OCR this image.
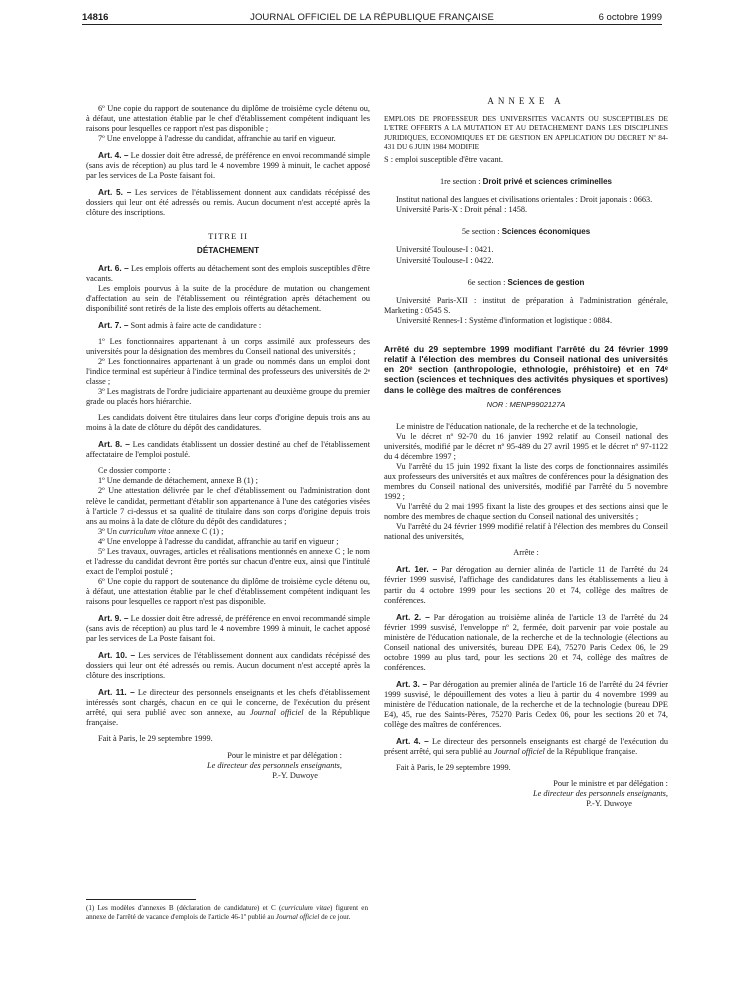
14816	JOURNAL OFFICIEL DE LA RÉPUBLIQUE FRANÇAISE	6 octobre 1999

6º Une copie du rapport de soutenance du diplôme de troisième cycle détenu ou, à défaut, une attestation établie par le chef d'établissement compétent indiquant les raisons pour lesquelles ce rapport n'est pas disponible ;

7º Une enveloppe à l'adresse du candidat, affranchie au tarif en vigueur.

Art. 4. – Le dossier doit être adressé, de préférence en envoi recommandé simple (sans avis de réception) au plus tard le 4 novembre 1999 à minuit, le cachet apposé par les services de La Poste faisant foi.

Art. 5. – Les services de l'établissement donnent aux candidats récépissé des dossiers qui leur ont été adressés ou remis. Aucun document n'est accepté après la clôture des inscriptions.

TITRE II
DÉTACHEMENT

Art. 6. – Les emplois offerts au détachement sont des emplois susceptibles d'être vacants.

Les emplois pourvus à la suite de la procédure de mutation ou changement d'affectation au sein de l'établissement ou réintégration après détachement ou disponibilité sont retirés de la liste des emplois offerts au détachement.

Art. 7. – Sont admis à faire acte de candidature :

1º Les fonctionnaires appartenant à un corps assimilé aux professeurs des universités pour la désignation des membres du Conseil national des universités ;

2º Les fonctionnaires appartenant à un grade ou nommés dans un emploi dont l'indice terminal est supérieur à l'indice terminal des professeurs des universités de 2ᵉ classe ;

3º Les magistrats de l'ordre judiciaire appartenant au deuxième groupe du premier grade ou placés hors hiérarchie.

Les candidats doivent être titulaires dans leur corps d'origine depuis trois ans au moins à la date de clôture du dépôt des candidatures.

Art. 8. – Les candidats établissent un dossier destiné au chef de l'établissement affectataire de l'emploi postulé.

Ce dossier comporte :

1º Une demande de détachement, annexe B (1) ;

2º Une attestation délivrée par le chef d'établissement ou l'administration dont relève le candidat, permettant d'établir son appartenance à l'une des catégories visées à l'article 7 ci-dessus et sa qualité de titulaire dans son corps d'origine depuis trois ans au moins à la date de clôture du dépôt des candidatures ;

3º Un curriculum vitae annexe C (1) ;

4º Une enveloppe à l'adresse du candidat, affranchie au tarif en vigueur ;

5º Les travaux, ouvrages, articles et réalisations mentionnés en annexe C ; le nom et l'adresse du candidat devront être portés sur chacun d'entre eux, ainsi que l'intitulé exact de l'emploi postulé ;

6º Une copie du rapport de soutenance du diplôme de troisième cycle détenu ou, à défaut, une attestation établie par le chef d'établissement compétent indiquant les raisons pour lesquelles ce rapport n'est pas disponible.

Art. 9. – Le dossier doit être adressé, de préférence en envoi recommandé simple (sans avis de réception) au plus tard le 4 novembre 1999 à minuit, le cachet apposé par les services de La Poste faisant foi.

Art. 10. – Les services de l'établissement donnent aux candidats récépissé des dossiers qui leur ont été adressés ou remis. Aucun document n'est accepté après la clôture des inscriptions.

Art. 11. – Le directeur des personnels enseignants et les chefs d'établissement intéressés sont chargés, chacun en ce qui le concerne, de l'exécution du présent arrêté, qui sera publié avec son annexe, au Journal officiel de la République française.

Fait à Paris, le 29 septembre 1999.

Pour le ministre et par délégation :

Le directeur des personnels enseignants,

P.-Y. Duwoye

(1) Les modèles d'annexes B (déclaration de candidature) et C (curriculum vitae) figurent en annexe de l'arrêté de vacance d'emplois de l'article 46-1º publié au Journal officiel de ce jour.
ANNEXE A

EMPLOIS DE PROFESSEUR DES UNIVERSITES VACANTS OU SUSCEPTIBLES DE L'ETRE OFFERTS A LA MUTATION ET AU DETACHEMENT DANS LES DISCIPLINES JURIDIQUES, ECONOMIQUES ET DE GESTION EN APPLICATION DU DECRET Nº 84-431 DU 6 JUIN 1984 MODIFIE

S : emploi susceptible d'être vacant.

1re section : Droit privé et sciences criminelles

Institut national des langues et civilisations orientales : Droit japonais : 0663.

Université Paris-X : Droit pénal : 1458.

5e section : Sciences économiques

Université Toulouse-I : 0421.

Université Toulouse-I : 0422.

6e section : Sciences de gestion

Université Paris-XII : institut de préparation à l'administration générale, Marketing : 0545 S.

Université Rennes-I : Système d'information et logistique : 0884.

Arrêté du 29 septembre 1999 modifiant l'arrêté du 24 février 1999 relatif à l'élection des membres du Conseil national des universités en 20ᵉ section (anthropologie, ethnologie, préhistoire) et en 74ᵉ section (sciences et techniques des activités physiques et sportives) dans le collège des maîtres de conférences

NOR : MENP9902127A

Le ministre de l'éducation nationale, de la recherche et de la technologie,

Vu le décret nº 92-70 du 16 janvier 1992 relatif au Conseil national des universités, modifié par le décret nº 95-489 du 27 avril 1995 et le décret nº 97-1122 du 4 décembre 1997 ;

Vu l'arrêté du 15 juin 1992 fixant la liste des corps de fonctionnaires assimilés aux professeurs des universités et aux maîtres de conférences pour la désignation des membres du Conseil national des universités, modifié par l'arrêté du 5 novembre 1992 ;

Vu l'arrêté du 2 mai 1995 fixant la liste des groupes et des sections ainsi que le nombre des membres de chaque section du Conseil national des universités ;

Vu l'arrêté du 24 février 1999 modifié relatif à l'élection des membres du Conseil national des universités,

Arrête :

Art. 1er. – Par dérogation au dernier alinéa de l'article 11 de l'arrêté du 24 février 1999 susvisé, l'affichage des candidatures dans les établissements a lieu à partir du 4 octobre 1999 pour les sections 20 et 74, collège des maîtres de conférences.

Art. 2. – Par dérogation au troisième alinéa de l'article 13 de l'arrêté du 24 février 1999 susvisé, l'enveloppe nº 2, fermée, doit parvenir par voie postale au ministère de l'éducation nationale, de la recherche et de la technologie (élections au Conseil national des universités, bureau DPE E4), 75270 Paris Cedex 06, le 29 octobre 1999 au plus tard, pour les sections 20 et 74, collège des maîtres de conférences.

Art. 3. – Par dérogation au premier alinéa de l'article 16 de l'arrêté du 24 février 1999 susvisé, le dépouillement des votes a lieu à partir du 4 novembre 1999 au ministère de l'éducation nationale, de la recherche et de la technologie (bureau DPE E4), 45, rue des Saints-Pères, 75270 Paris Cedex 06, pour les sections 20 et 74, collège des maîtres de conférences.

Art. 4. – Le directeur des personnels enseignants est chargé de l'exécution du présent arrêté, qui sera publié au Journal officiel de la République française.

Fait à Paris, le 29 septembre 1999.

Pour le ministre et par délégation :

Le directeur des personnels enseignants,

P.-Y. Duwoye
